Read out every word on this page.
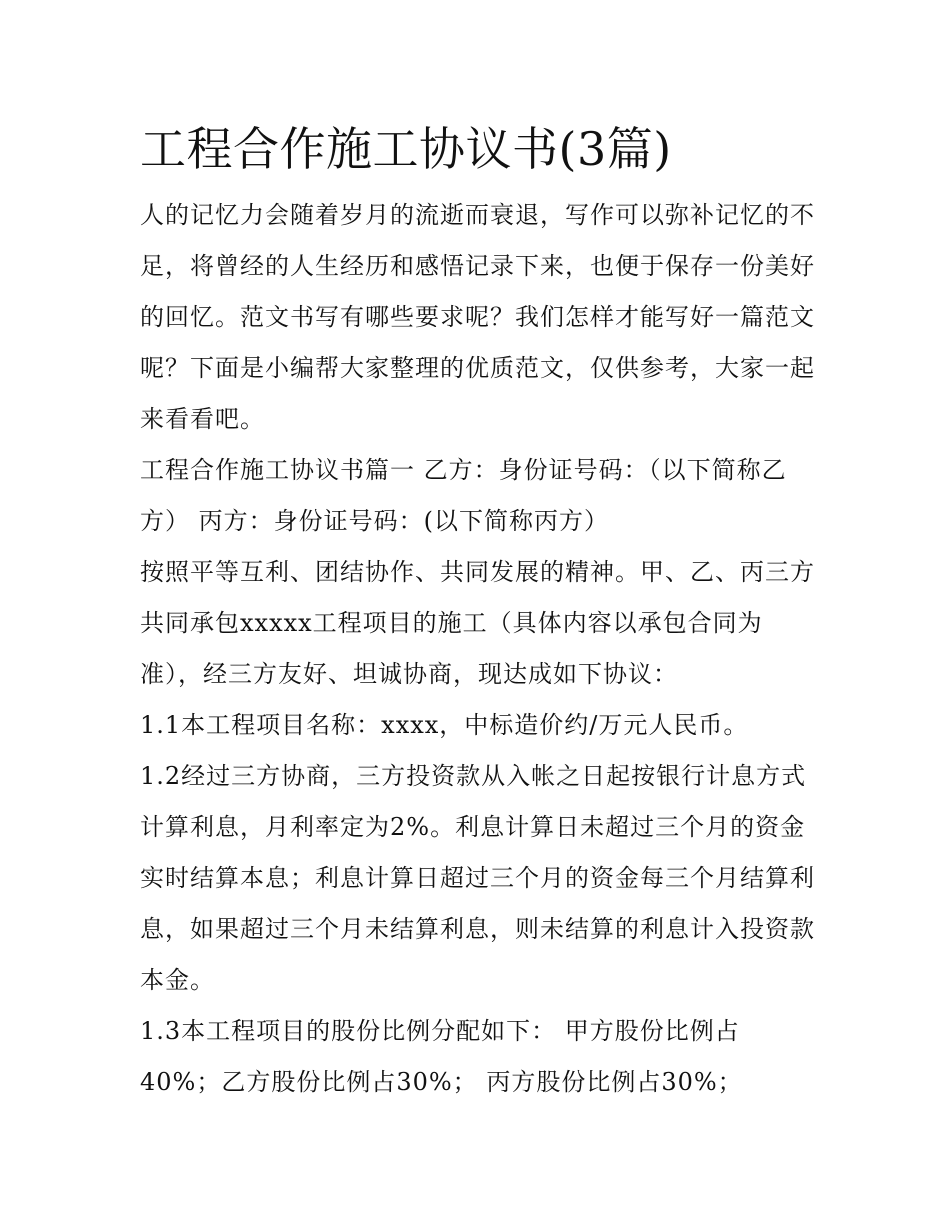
工程合作施工协议书(3篇)

人的记忆力会随着岁月的流逝而衰退，写作可以弥补记忆的不足，将曾经的人生经历和感悟记录下来，也便于保存一份美好的回忆。范文书写有哪些要求呢？我们怎样才能写好一篇范文呢？下面是小编帮大家整理的优质范文，仅供参考，大家一起来看看吧。

工程合作施工协议书篇一 乙方：身份证号码：（以下简称乙方） 丙方：身份证号码：(以下简称丙方）

按照平等互利、团结协作、共同发展的精神。甲、乙、丙三方共同承包xxxxx工程项目的施工（具体内容以承包合同为准），经三方友好、坦诚协商，现达成如下协议：

1.1本工程项目名称：xxxx，中标造价约/万元人民币。

1.2经过三方协商，三方投资款从入帐之日起按银行计息方式计算利息，月利率定为2%。利息计算日未超过三个月的资金实时结算本息；利息计算日超过三个月的资金每三个月结算利息，如果超过三个月未结算利息，则未结算的利息计入投资款本金。

1.3本工程项目的股份比例分配如下： 甲方股份比例占40%；乙方股份比例占30%； 丙方股份比例占30%；
